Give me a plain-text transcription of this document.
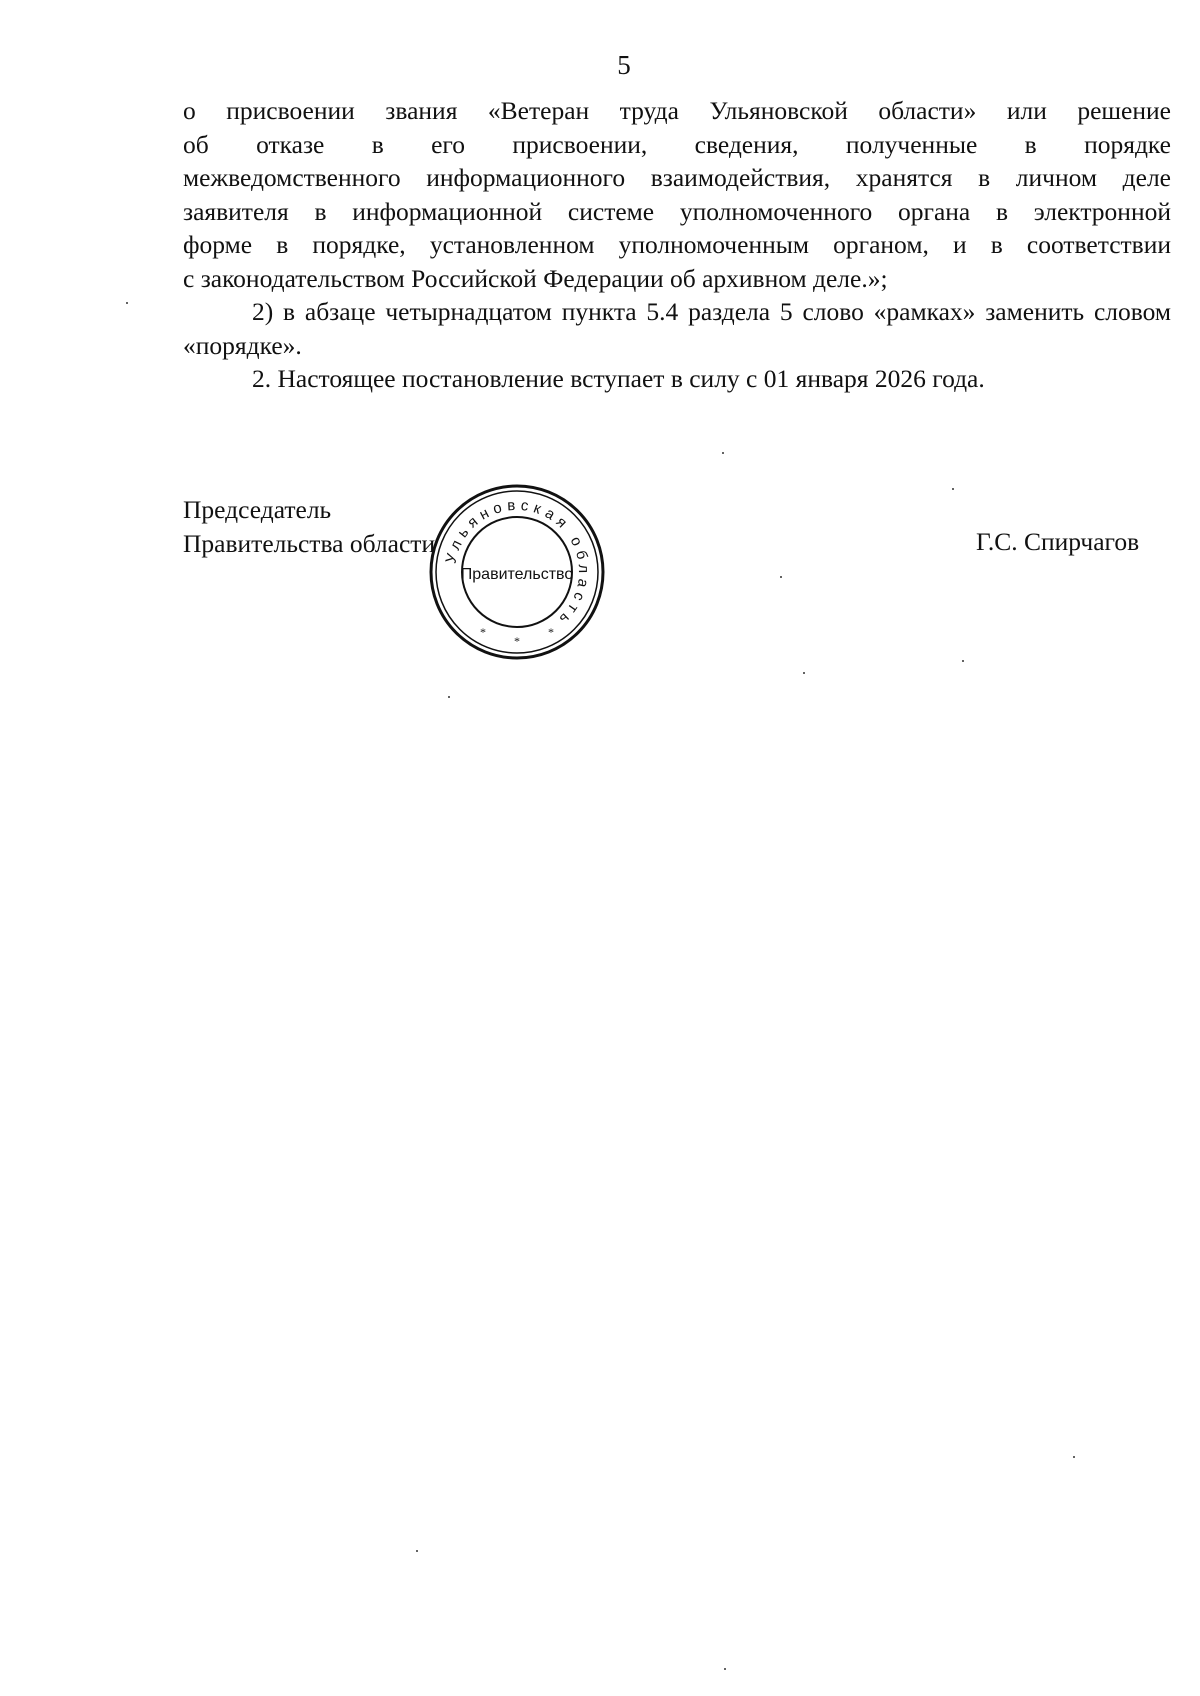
5

о присвоении звания «Ветеран труда Ульяновской области» или решение
об отказе в его присвоении, сведения, полученные в порядке
межведомственного информационного взаимодействия, хранятся в личном деле
заявителя в информационной системе уполномоченного органа в электронной
форме в порядке, установленном уполномоченным органом, и в соответствии
с законодательством Российской Федерации об архивном деле.»;

2) в абзаце четырнадцатом пункта 5.4 раздела 5 слово «рамках» заменить словом «порядке».

2. Настоящее постановление вступает в силу с 01 января 2026 года.

Председатель
Правительства области	Г.С. Спирчагов
Ульяновская область
Правительство
*
*
*
